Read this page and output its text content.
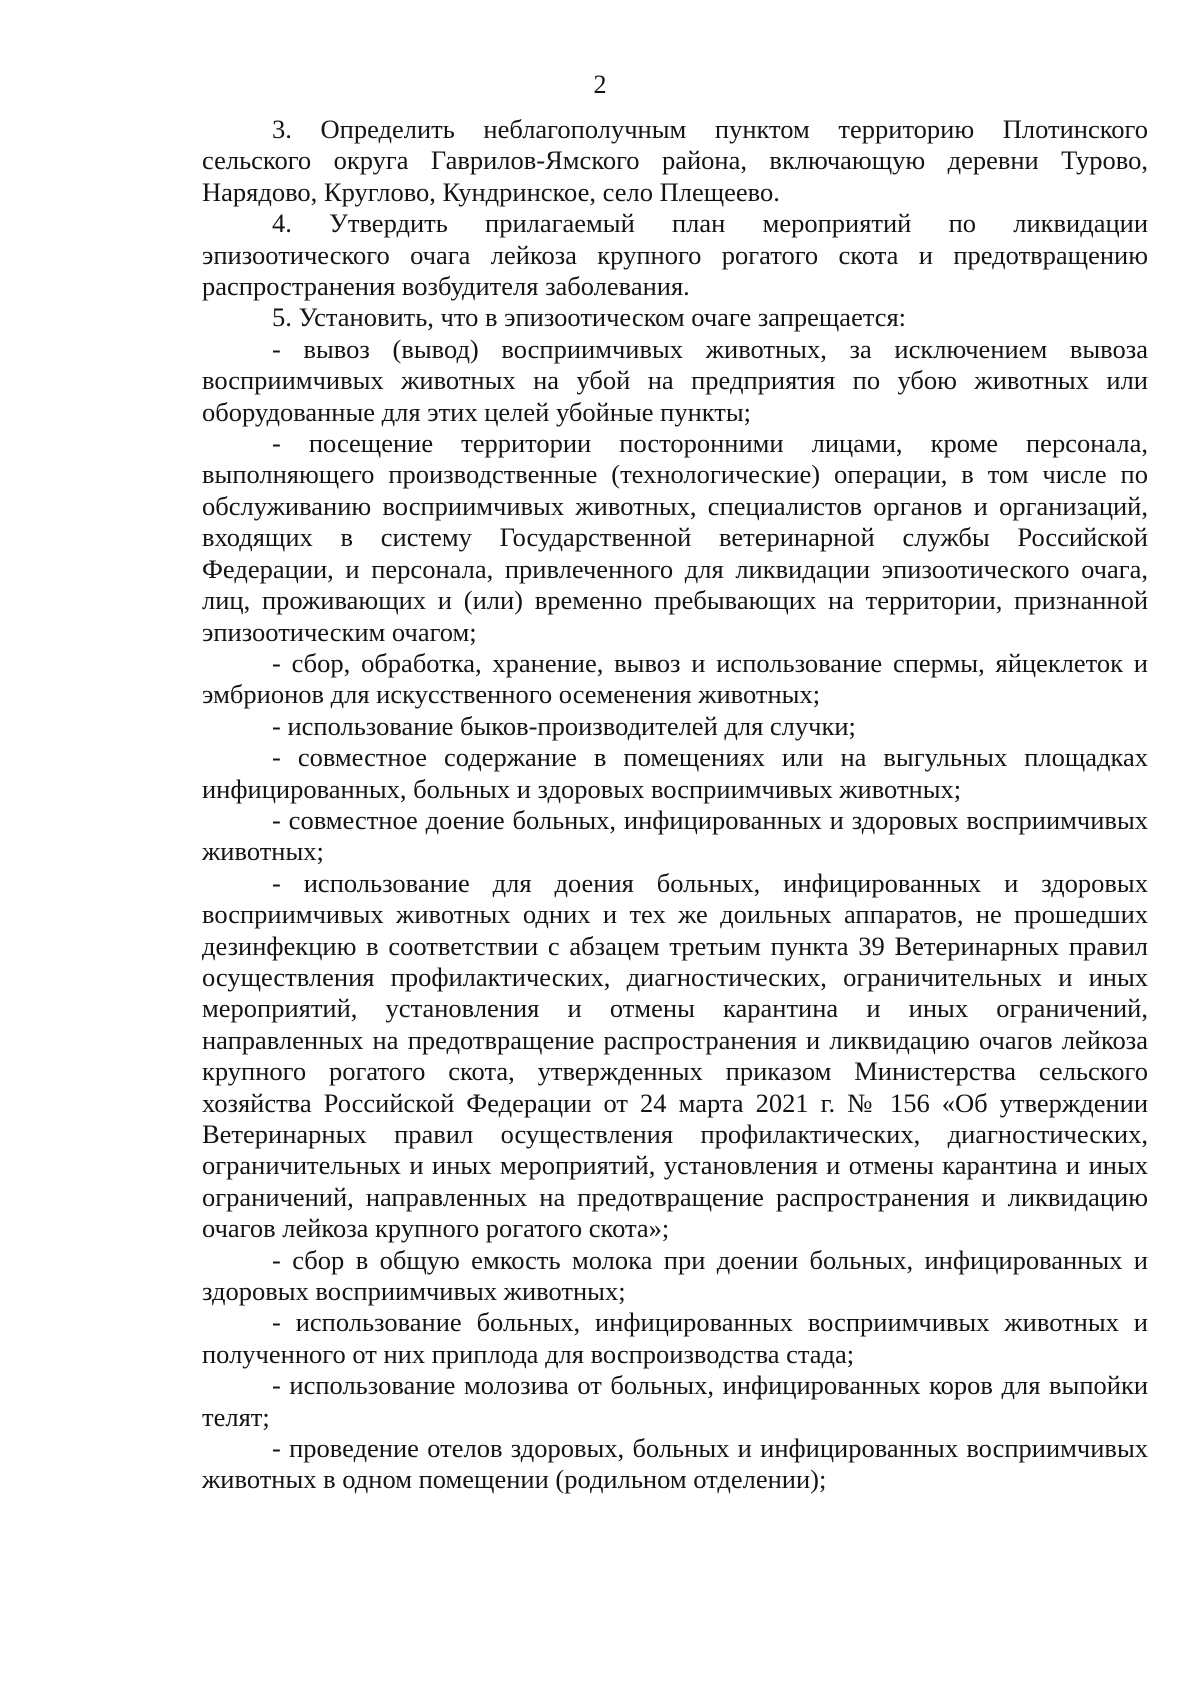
2

3. Определить неблагополучным пунктом территорию Плотинского сельского округа Гаврилов-Ямского района, включающую деревни Турово, Нарядово, Круглово, Кундринское, село Плещеево.

4. Утвердить прилагаемый план мероприятий по ликвидации эпизоотического очага лейкоза крупного рогатого скота и предотвращению распространения возбудителя заболевания.

5. Установить, что в эпизоотическом очаге запрещается:

- вывоз (вывод) восприимчивых животных, за исключением вывоза восприимчивых животных на убой на предприятия по убою животных или оборудованные для этих целей убойные пункты;

- посещение территории посторонними лицами, кроме персонала, выполняющего производственные (технологические) операции, в том числе по обслуживанию восприимчивых животных, специалистов органов и организаций, входящих в систему Государственной ветеринарной службы Российской Федерации, и персонала, привлеченного для ликвидации эпизоотического очага, лиц, проживающих и (или) временно пребывающих на территории, признанной эпизоотическим очагом;

- сбор, обработка, хранение, вывоз и использование спермы, яйцеклеток и эмбрионов для искусственного осеменения животных;

- использование быков-производителей для случки;

- совместное содержание в помещениях или на выгульных площадках инфицированных, больных и здоровых восприимчивых животных;

- совместное доение больных, инфицированных и здоровых восприимчивых животных;

- использование для доения больных, инфицированных и здоровых восприимчивых животных одних и тех же доильных аппаратов, не прошедших дезинфекцию в соответствии с абзацем третьим пункта 39 Ветеринарных правил осуществления профилактических, диагностических, ограничительных и иных мероприятий, установления и отмены карантина и иных ограничений, направленных на предотвращение распространения и ликвидацию очагов лейкоза крупного рогатого скота, утвержденных приказом Министерства сельского хозяйства Российской Федерации от 24 марта 2021 г. № 156 «Об утверждении Ветеринарных правил осуществления профилактических, диагностических, ограничительных и иных мероприятий, установления и отмены карантина и иных ограничений, направленных на предотвращение распространения и ликвидацию очагов лейкоза крупного рогатого скота»;

- сбор в общую емкость молока при доении больных, инфицированных и здоровых восприимчивых животных;

- использование больных, инфицированных восприимчивых животных и полученного от них приплода для воспроизводства стада;

- использование молозива от больных, инфицированных коров для выпойки телят;

- проведение отелов здоровых, больных и инфицированных восприимчивых животных в одном помещении (родильном отделении);
